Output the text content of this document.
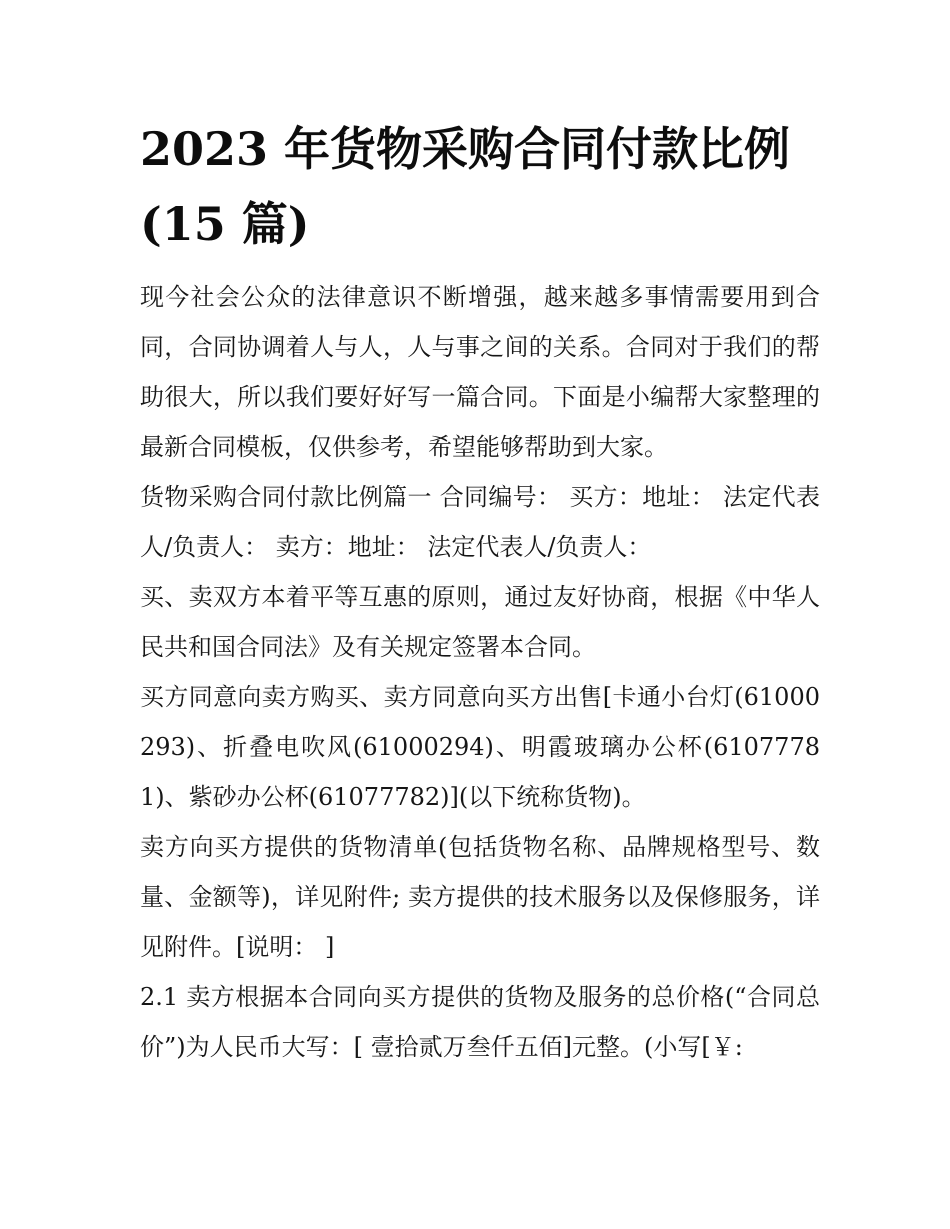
2023 年货物采购合同付款比例(15 篇)

现今社会公众的法律意识不断增强，越来越多事情需要用到合同，合同协调着人与人，人与事之间的关系。合同对于我们的帮助很大，所以我们要好好写一篇合同。下面是小编帮大家整理的最新合同模板，仅供参考，希望能够帮助到大家。

货物采购合同付款比例篇一 合同编号： 买方：地址： 法定代表人/负责人： 卖方：地址： 法定代表人/负责人：

买、卖双方本着平等互惠的原则，通过友好协商，根据《中华人民共和国合同法》及有关规定签署本合同。

买方同意向卖方购买、卖方同意向买方出售[卡通小台灯(61000293)、折叠电吹风(61000294)、明霞玻璃办公杯(61077781)、紫砂办公杯(61077782)](以下统称货物)。

卖方向买方提供的货物清单(包括货物名称、品牌规格型号、数量、金额等)，详见附件; 卖方提供的技术服务以及保修服务，详见附件。[说明： ]

2.1 卖方根据本合同向买方提供的货物及服务的总价格(“合同总价”)为人民币大写：[ 壹拾贰万叁仟五佰]元整。(小写[￥:
